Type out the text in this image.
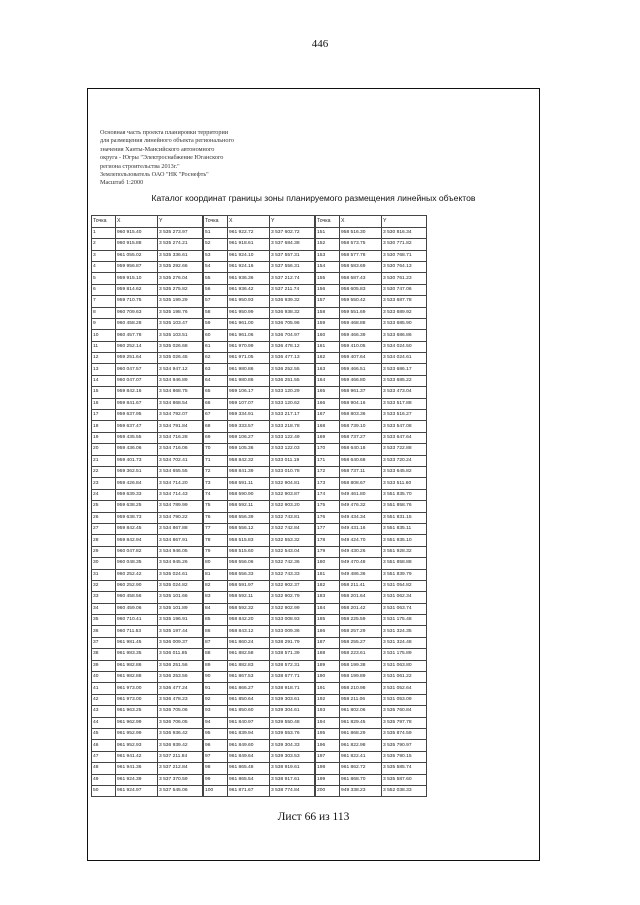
446
Основная часть проекта планировки территории
для размещения линейного объекта регионального
значения Ханты-Мансийского автономного
округа - Югры "Электроснабжение Юганского
региона строительства 2013г."
Землепользователь ОАО "НК "Роснефть"
Масштаб 1:2000
Каталог координат границы зоны планируемого размещения линейных объектов
Точка	X	Y
1	960 915.40	3 535 273.97
2	960 915.88	3 535 274.21
3	961 055.02	3 535 336.61
4	959 956.87	3 535 292.66
5	959 915.10	3 535 276.04
6	959 814.62	3 535 275.82
7	959 710.75	3 535 199.29
8	960 709.63	3 535 198.76
9	960 458.28	3 535 103.47
10	960 457.78	3 535 103.51
11	960 252.14	3 535 026.68
12	959 251.64	3 535 026.45
13	960 047.57	3 534 947.12
14	960 047.07	3 534 946.89
15	959 842.16	3 534 868.75
16	959 841.67	3 534 868.54
17	959 637.95	3 534 792.07
18	959 637.47	3 534 791.84
19	959 435.55	3 534 716.28
20	959 436.06	3 534 716.06
21	959 401.73	3 534 702.41
22	959 362.51	3 534 655.55
23	959 426.84	3 534 714.20
24	959 639.33	3 534 714.43
25	959 638.25	3 534 789.99
26	959 638.73	3 534 790.22
27	959 842.45	3 534 867.88
28	959 842.94	3 534 867.91
29	960 047.82	3 534 946.05
30	960 048.35	3 534 945.26
31	960 252.42	3 535 024.61
32	960 252.90	3 535 024.82
33	960 458.56	3 535 101.66
34	960 459.06	3 535 101.89
35	960 710.41	3 535 196.91
36	960 711.53	3 535 197.44
37	961 981.45	3 536 009.37
38	961 983.35	3 536 011.85
39	961 982.86	3 536 251.56
40	961 982.88	3 536 253.56
41	961 973.00	3 536 477.24
42	961 973.00	3 536 478.23
43	961 963.25	3 536 705.06
44	961 962.99	3 536 706.05
45	961 952.99	3 536 936.42
46	961 952.93	3 536 939.42
47	961 941.42	3 537 211.84
48	961 941.36	3 537 212.84
49	961 924.39	3 537 370.59
50	961 924.97	3 537 545.06
Точка	X	Y
51	961 922.72	3 537 602.72
52	961 918.61	3 537 684.38
53	961 924.10	3 537 557.31
54	961 924.16	3 537 556.31
55	961 936.36	3 537 212.74
56	961 936.42	3 537 211.74
57	961 950.93	3 536 939.32
58	961 950.99	3 536 938.32
59	961 961.00	3 536 705.96
60	961 961.06	3 536 704.97
61	961 970.99	3 536 478.12
62	961 971.05	3 536 477.13
63	961 980.86	3 536 252.55
64	961 980.86	3 536 251.55
65	959 106.17	3 533 120.29
66	959 107.07	3 533 120.62
67	959 334.91	3 533 217.17
68	959 333.57	3 533 218.78
69	959 106.27	3 533 122.49
70	959 105.36	3 533 122.03
71	958 842.32	3 533 011.19
72	958 841.39	3 533 010.78
73	958 591.11	3 532 904.81
74	958 590.90	3 532 903.87
75	958 592.11	3 532 903.20
76	958 556.39	3 532 743.81
77	958 556.12	3 532 742.84
78	958 515.83	3 532 553.32
79	958 515.60	3 532 543.04
80	958 556.06	3 532 742.36
81	958 556.33	3 532 743.33
82	958 591.97	3 532 902.37
83	958 592.11	3 532 902.79
84	958 592.32	3 532 902.99
85	958 842.20	3 533 008.93
86	958 843.12	3 533 009.36
87	961 860.24	3 538 291.79
88	961 882.58	3 538 571.39
89	961 882.83	3 538 572.31
90	961 867.53	3 538 677.71
91	961 866.27	3 538 918.71
92	961 850.64	3 539 303.61
93	961 850.60	3 539 304.61
94	961 840.97	3 539 550.48
95	961 839.94	3 539 553.76
96	961 849.60	3 539 304.33
97	961 849.64	3 539 303.53
98	961 865.48	3 538 919.61
99	961 865.54	3 538 917.61
100	961 871.67	3 538 774.84
Точка	X	Y
151	958 516.30	3 530 816.34
152	958 573.75	3 530 771.82
153	958 577.78	3 530 768.71
154	958 583.69	3 530 764.13
155	958 587.43	3 530 761.23
156	958 605.83	3 530 747.06
157	959 550.42	3 533 687.78
158	959 551.69	3 533 689.92
159	959 468.88	3 533 685.90
160	959 466.39	3 533 686.86
161	959 410.05	3 534 024.50
162	959 407.64	3 534 024.61
163	959 466.51	3 533 686.17
164	959 466.80	3 533 685.22
165	958 961.37	3 533 473.04
166	958 904.16	3 533 517.88
167	958 803.36	3 533 516.27
168	958 739.10	3 533 547.08
169	958 737.27	3 533 647.64
170	958 640.18	3 533 722.88
171	958 640.68	3 533 720.24
172	958 737.11	3 533 645.82
173	958 808.67	3 533 511.60
174	949 461.80	3 551 835.70
175	949 476.32	3 551 858.76
176	949 434.34	3 551 831.15
177	949 431.16	3 551 835.11
178	949 424.70	3 551 935.10
179	949 430.26	3 551 928.32
180	949 470.48	3 551 858.88
181	949 486.36	3 551 839.79
182	958 211.41	3 531 054.82
183	958 201.64	3 531 062.34
184	958 201.42	3 531 063.74
185	958 225.59	3 531 175.48
186	958 257.29	3 531 324.35
187	958 255.27	3 531 324.48
188	958 223.61	3 531 175.89
189	958 199.38	3 531 063.80
190	958 199.89	3 531 061.22
191	958 210.98	3 531 052.64
192	958 211.06	3 531 053.09
193	961 802.06	3 535 760.84
194	961 829.45	3 535 797.78
195	961 868.29	3 535 874.59
196	961 822.98	3 535 790.97
197	961 822.41	3 535 790.15
198	961 862.72	3 535 585.74
199	961 868.70	3 535 587.60
200	949 338.23	3 552 038.33
Лист 66 из 113
